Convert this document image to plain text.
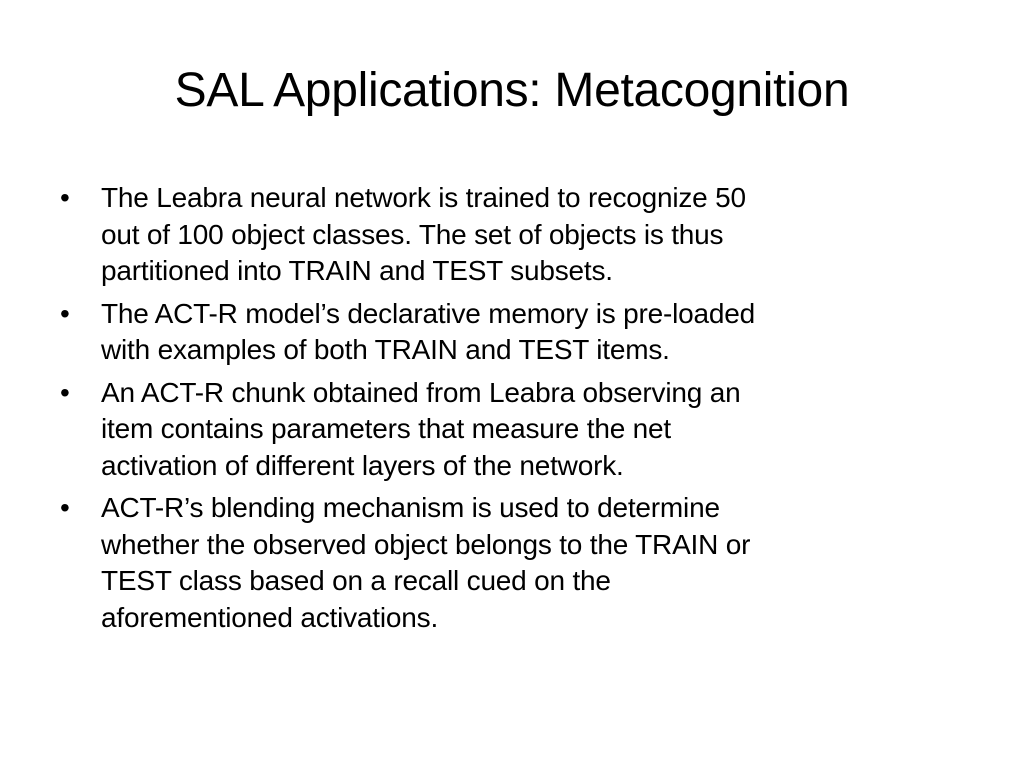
SAL Applications: Metacognition
• The Leabra neural network is trained to recognize 50
out of 100 object classes. The set of objects is thus
partitioned into TRAIN and TEST subsets.
• The ACT-R model’s declarative memory is pre-loaded
with examples of both TRAIN and TEST items.
• An ACT-R chunk obtained from Leabra observing an
item contains parameters that measure the net
activation of different layers of the network.
• ACT-R’s blending mechanism is used to determine
whether the observed object belongs to the TRAIN or
TEST class based on a recall cued on the
aforementioned activations.
